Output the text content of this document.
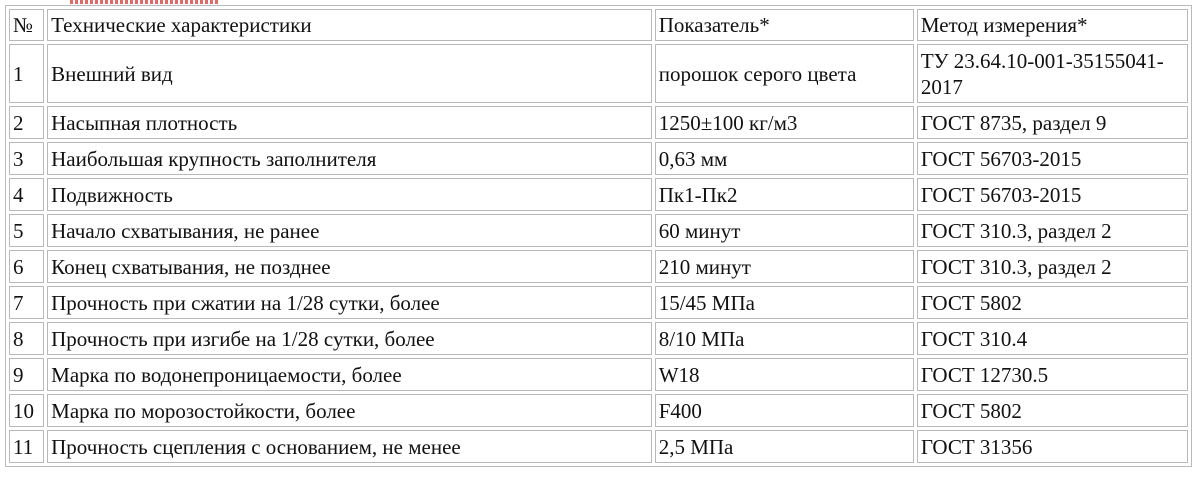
№	Технические характеристики	Показатель*	Метод измерения*
1	Внешний вид	порошок серого цвета	ТУ 23.64.10-001-35155041-2017
2	Насыпная плотность	1250±100 кг/м3	ГОСТ 8735, раздел 9
3	Наибольшая крупность заполнителя	0,63 мм	ГОСТ 56703-2015
4	Подвижность	Пк1-Пк2	ГОСТ 56703-2015
5	Начало схватывания, не ранее	60 минут	ГОСТ 310.3, раздел 2
6	Конец схватывания, не позднее	210 минут	ГОСТ 310.3, раздел 2
7	Прочность при сжатии на 1/28 сутки, более	15/45 МПа	ГОСТ 5802
8	Прочность при изгибе на 1/28 сутки, более	8/10 МПа	ГОСТ 310.4
9	Марка по водонепроницаемости, более	W18	ГОСТ 12730.5
10	Марка по морозостойкости, более	F400	ГОСТ 5802
11	Прочность сцепления с основанием, не менее	2,5 МПа	ГОСТ 31356
